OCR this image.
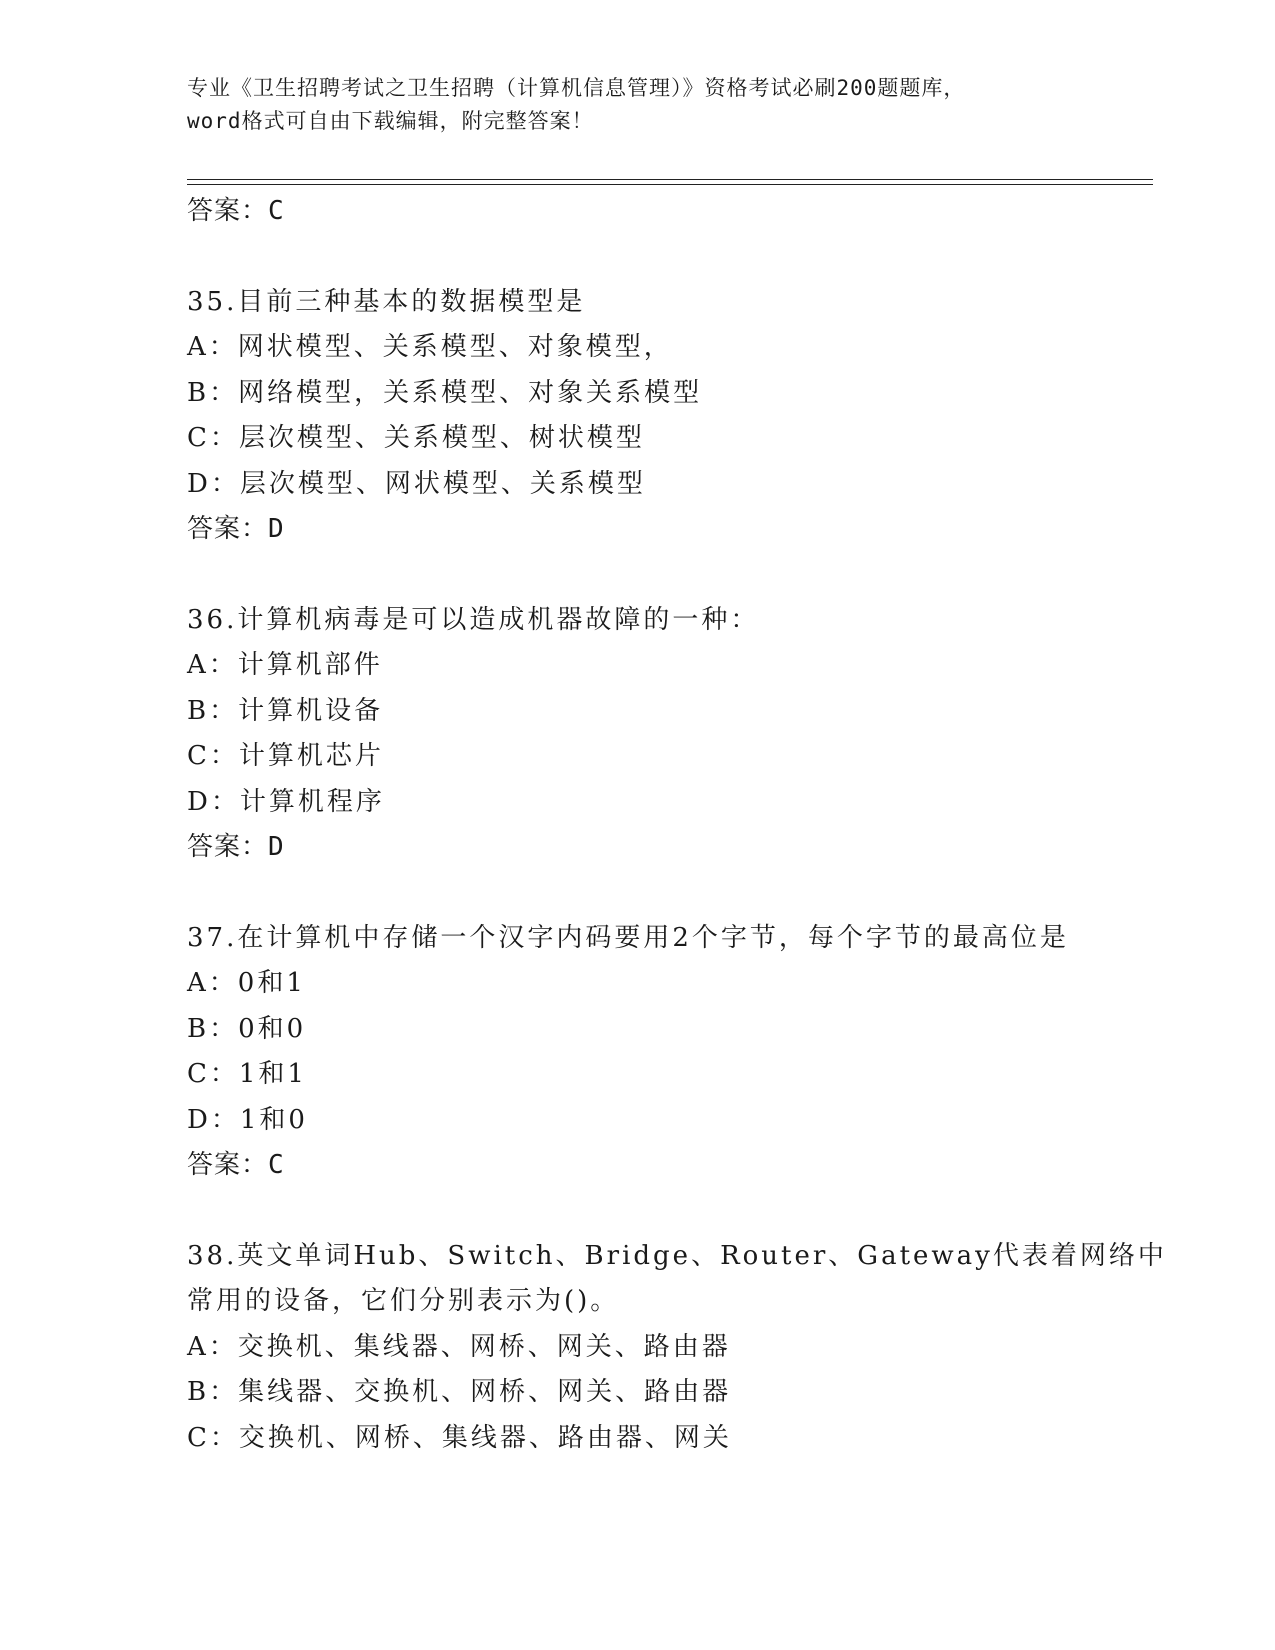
专业《卫生招聘考试之卫生招聘（计算机信息管理）》资格考试必刷200题题库，
word格式可自由下载编辑，附完整答案！
答案：C
35.目前三种基本的数据模型是
A：网状模型、关系模型、对象模型，
B：网络模型，关系模型、对象关系模型
C：层次模型、关系模型、树状模型
D：层次模型、网状模型、关系模型
答案：D
36.计算机病毒是可以造成机器故障的一种：
A：计算机部件
B：计算机设备
C：计算机芯片
D：计算机程序
答案：D
37.在计算机中存储一个汉字内码要用2个字节，每个字节的最高位是
A：0和1
B：0和0
C：1和1
D：1和0
答案：C
38.英文单词Hub、Switch、Bridge、Router、Gateway代表着网络中
常用的设备，它们分别表示为()。
A：交换机、集线器、网桥、网关、路由器
B：集线器、交换机、网桥、网关、路由器
C：交换机、网桥、集线器、路由器、网关
